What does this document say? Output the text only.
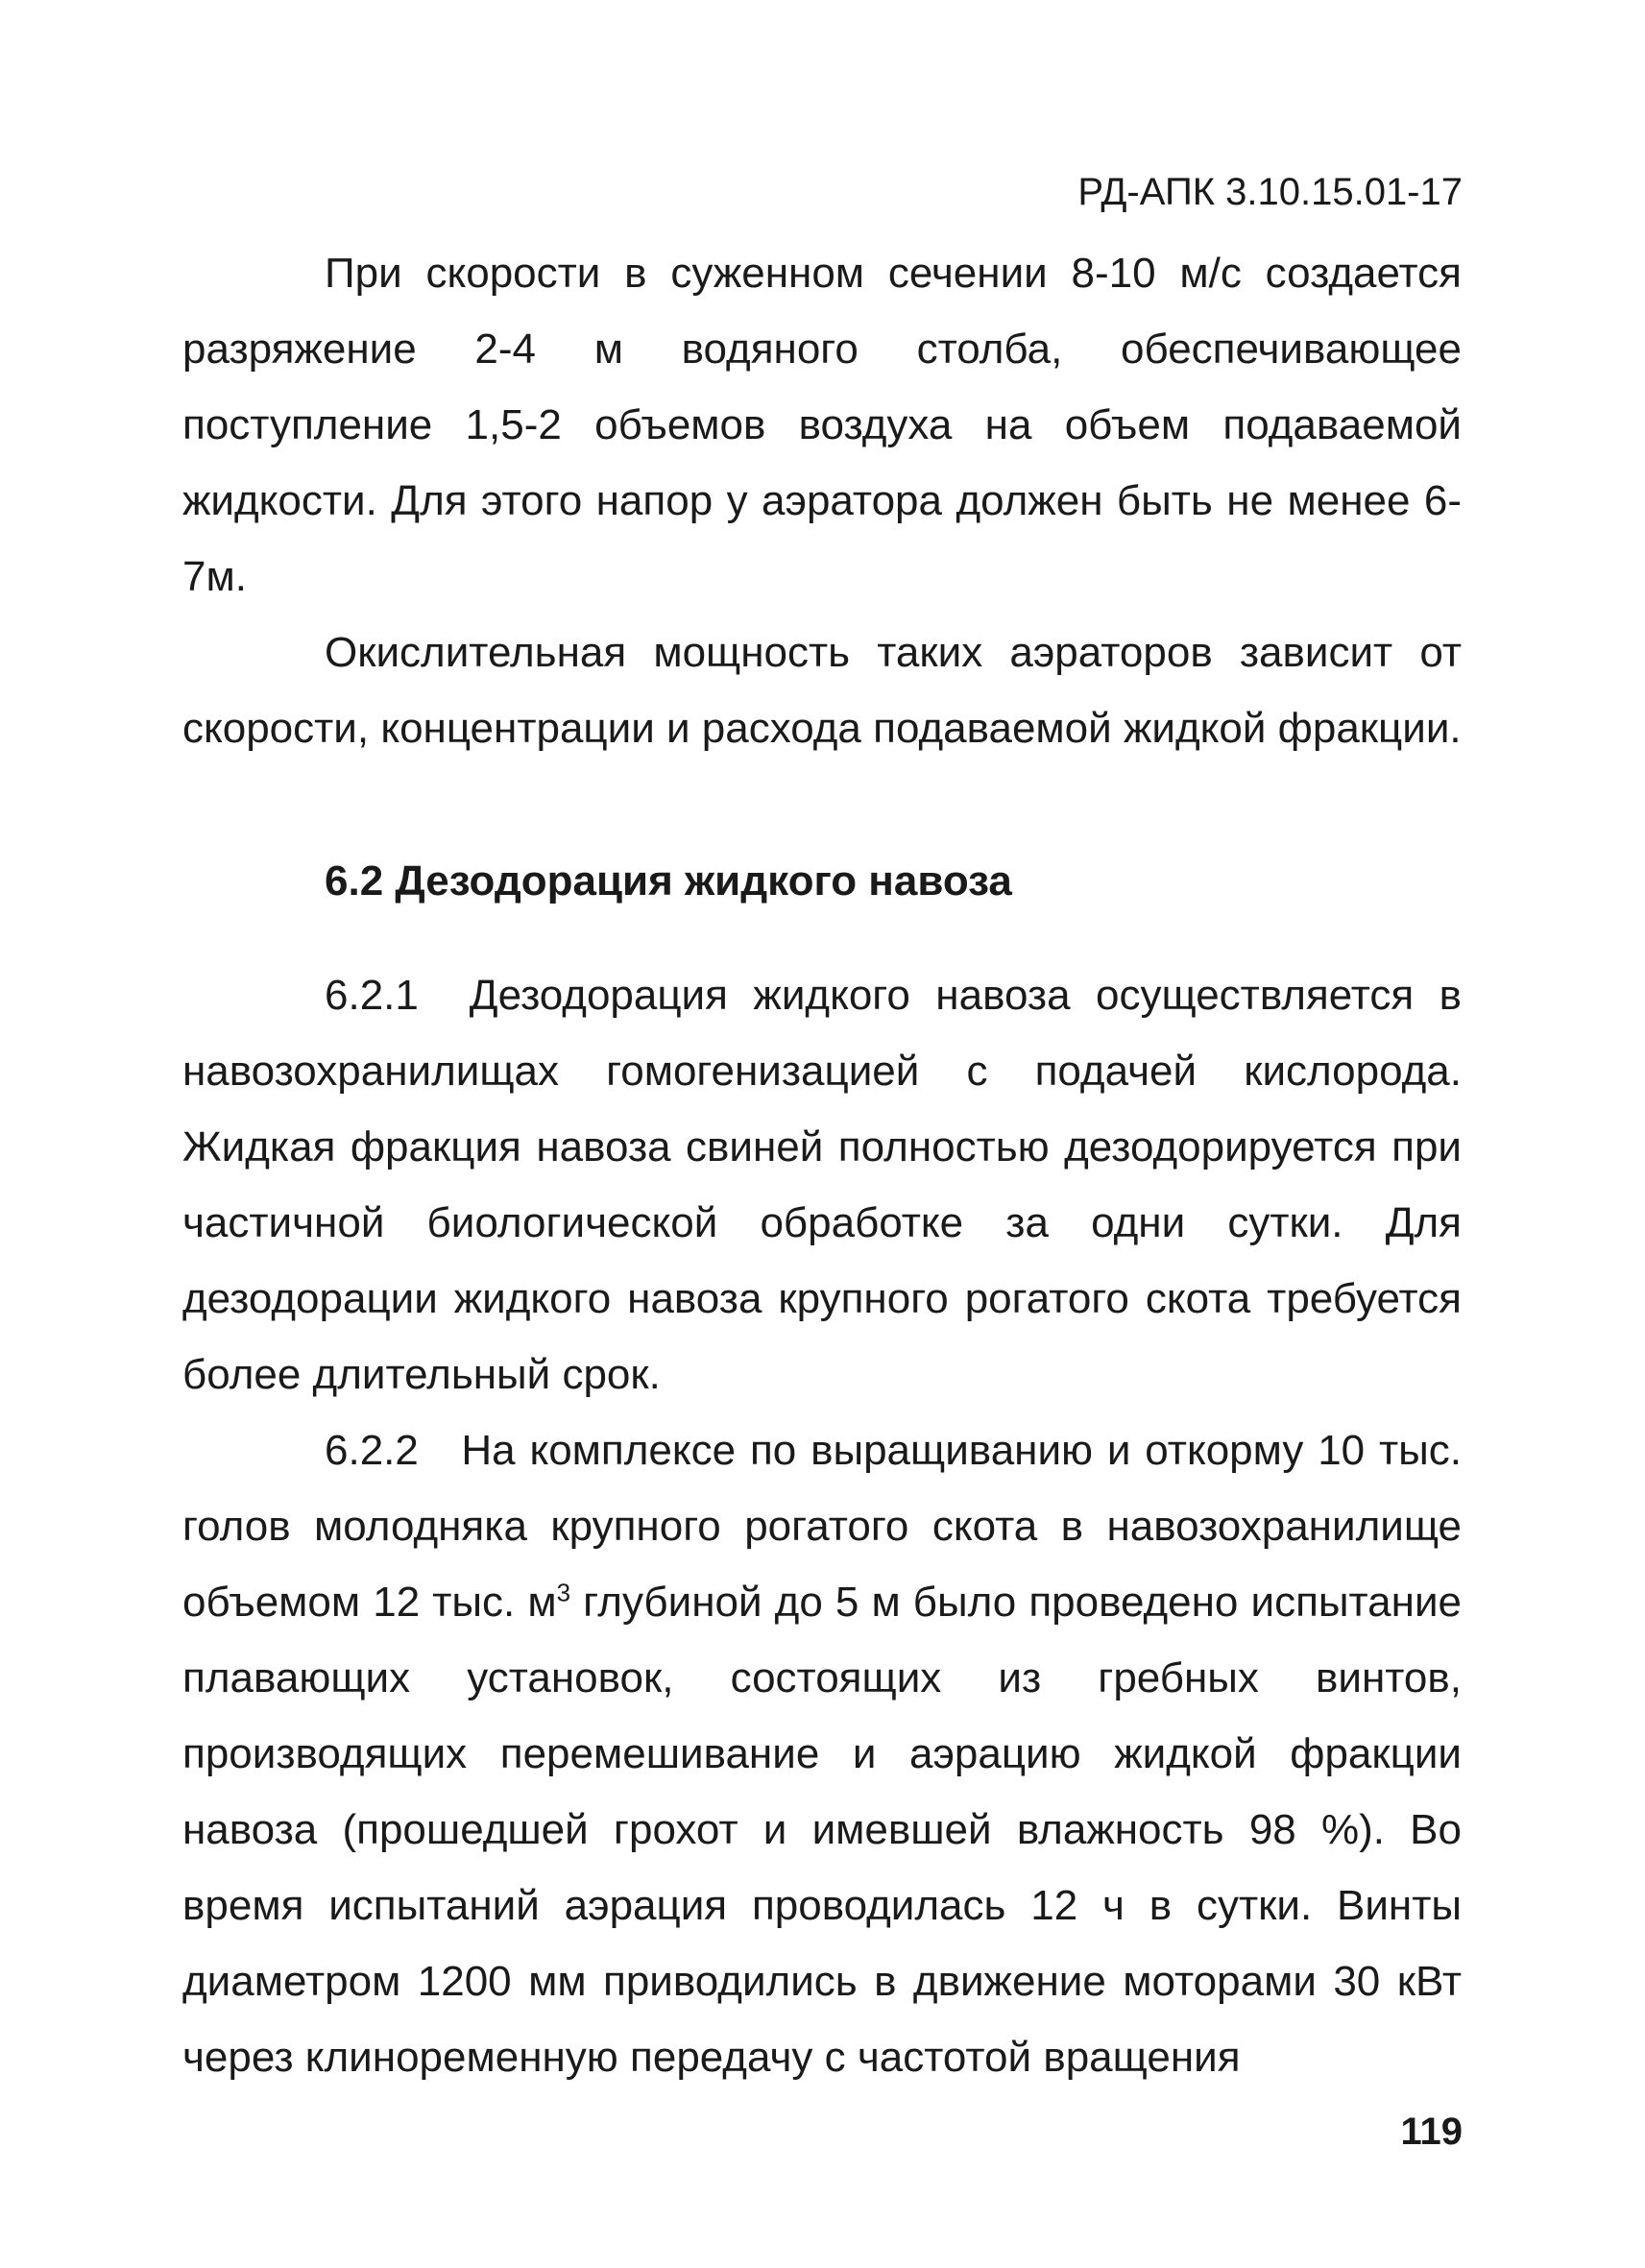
РД-АПК 3.10.15.01-17

При скорости в суженном сечении 8-10 м/с создается разряжение 2-4 м водяного столба, обеспечивающее поступление 1,5-2 объемов воздуха на объем подаваемой жидкости. Для этого напор у аэратора должен быть не менее 6-7м.

Окислительная мощность таких аэраторов зависит от скорости, концентрации и расхода подаваемой жидкой фракции.

6.2 Дезодорация жидкого навоза

6.2.1 Дезодорация жидкого навоза осуществляется в навозохранилищах гомогенизацией с подачей кислорода. Жидкая фракция навоза свиней полностью дезодорируется при частичной биологической обработке за одни сутки. Для дезодорации жидкого навоза крупного рогатого скота требуется более длительный срок.

6.2.2 На комплексе по выращиванию и откорму 10 тыс. голов молодняка крупного рогатого скота в навозохранилище объемом 12 тыс. $м^3$ глубиной до 5 м было проведено испытание плавающих установок, состоящих из гребных винтов, производящих перемешивание и аэрацию жидкой фракции навоза (прошедшей грохот и имевшей влажность 98 %). Во время испытаний аэрация проводилась 12 ч в сутки. Винты диаметром 1200 мм приводились в движение моторами 30 кВт через клиноременную передачу с частотой вращения

119
